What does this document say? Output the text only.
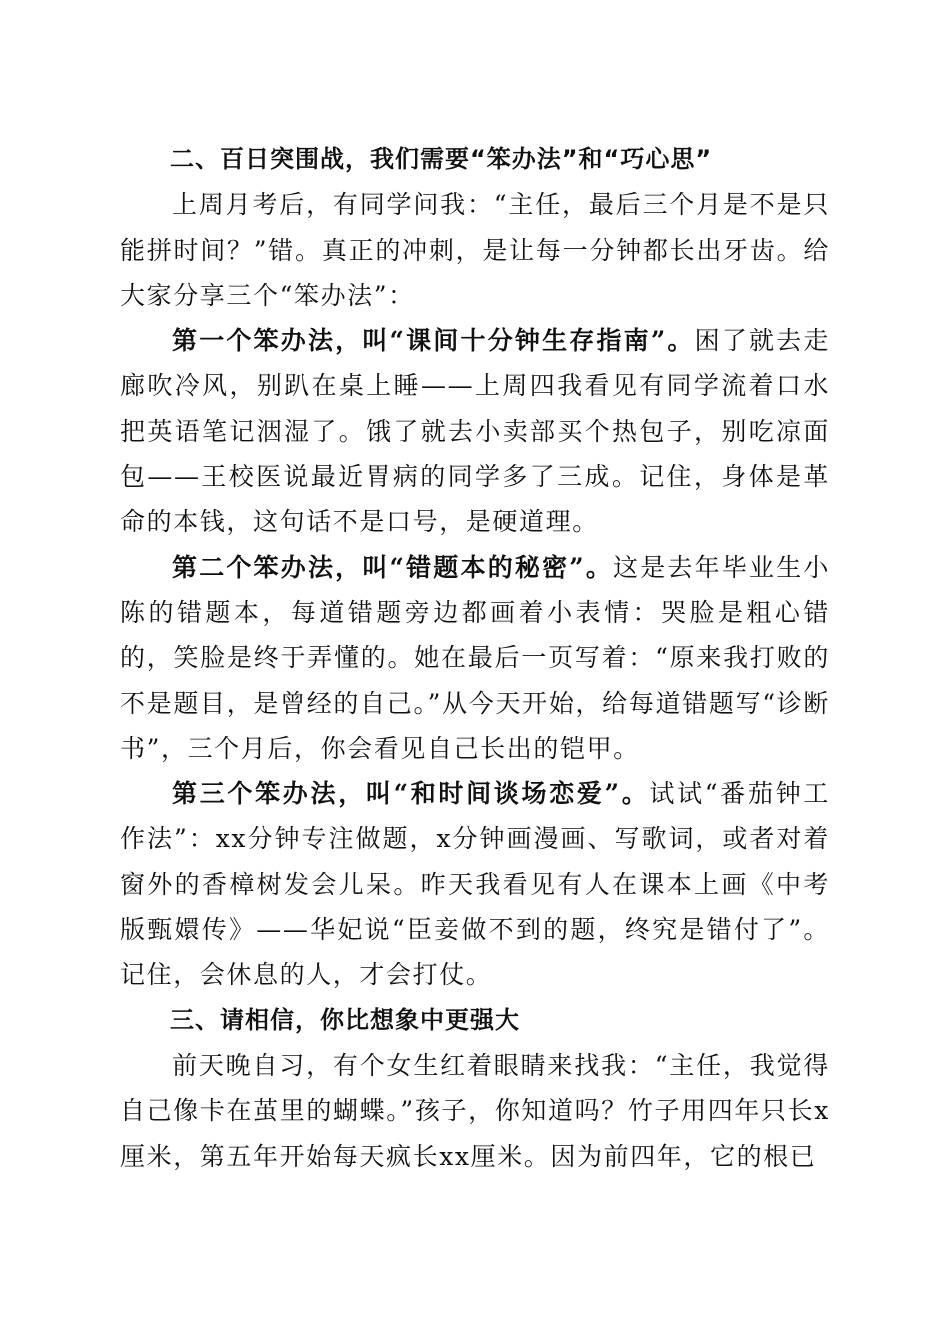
二、百日突围战，我们需要“笨办法”和“巧心思”

上周月考后，有同学问我：“主任，最后三个月是不是只能拼时间？”错。真正的冲刺，是让每一分钟都长出牙齿。给大家分享三个“笨办法”：

第一个笨办法，叫“课间十分钟生存指南”。困了就去走廊吹冷风，别趴在桌上睡——上周四我看见有同学流着口水把英语笔记洇湿了。饿了就去小卖部买个热包子，别吃凉面包——王校医说最近胃病的同学多了三成。记住，身体是革命的本钱，这句话不是口号，是硬道理。

第二个笨办法，叫“错题本的秘密”。这是去年毕业生小陈的错题本，每道错题旁边都画着小表情：哭脸是粗心错的，笑脸是终于弄懂的。她在最后一页写着：“原来我打败的不是题目，是曾经的自己。”从今天开始，给每道错题写“诊断书”，三个月后，你会看见自己长出的铠甲。

第三个笨办法，叫“和时间谈场恋爱”。试试“番茄钟工作法”：xx分钟专注做题，x分钟画漫画、写歌词，或者对着窗外的香樟树发会儿呆。昨天我看见有人在课本上画《中考版甄嬛传》——华妃说“臣妾做不到的题，终究是错付了”。记住，会休息的人，才会打仗。

三、请相信，你比想象中更强大

前天晚自习，有个女生红着眼睛来找我：“主任，我觉得自己像卡在茧里的蝴蝶。”孩子，你知道吗？竹子用四年只长x厘米，第五年开始每天疯长xx厘米。因为前四年，它的根已
